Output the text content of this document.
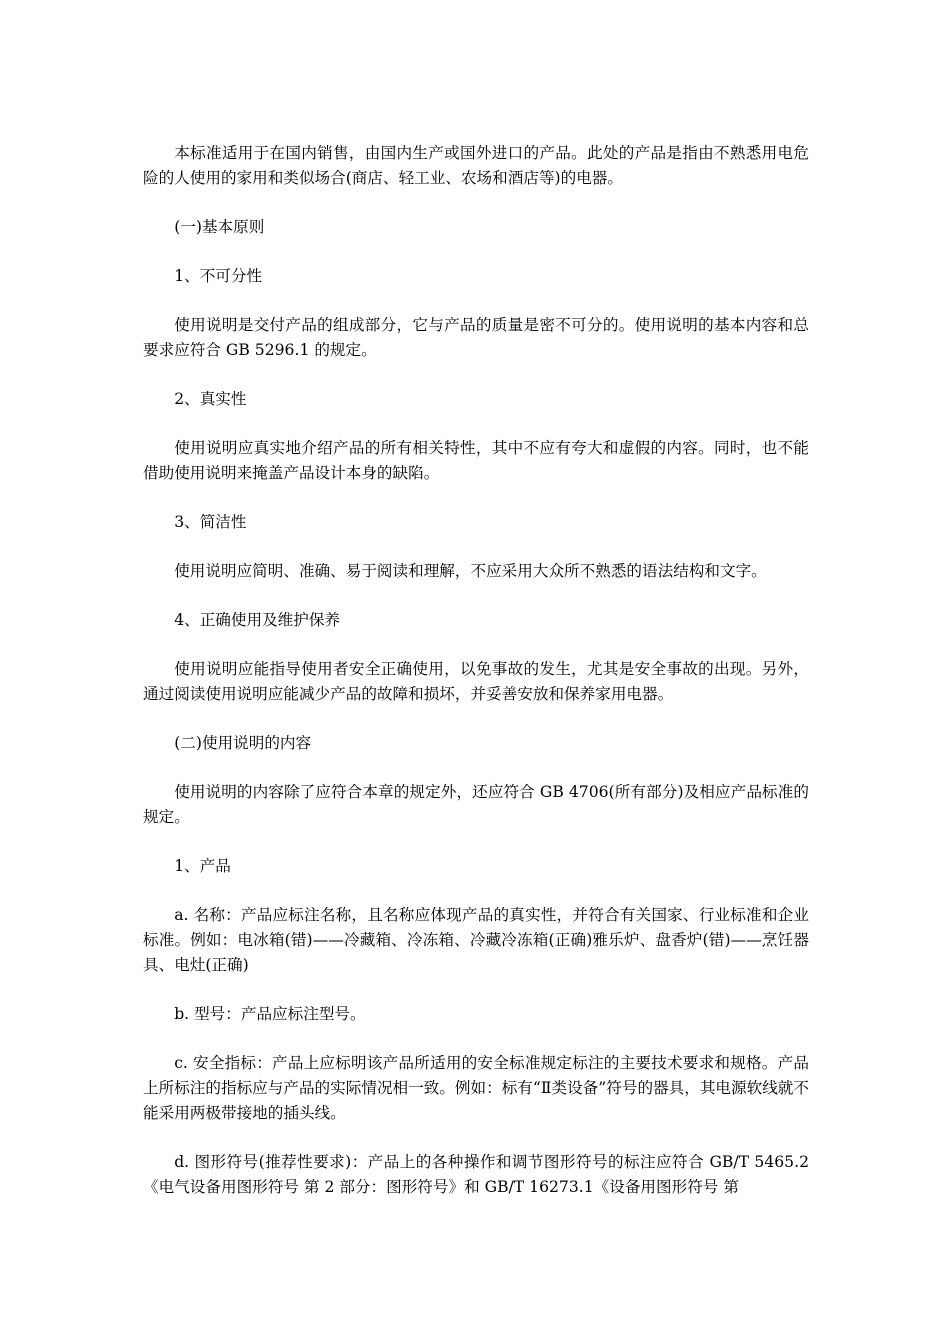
本标准适用于在国内销售，由国内生产或国外进口的产品。此处的产品是指由不熟悉用电危险的人使用的家用和类似场合(商店、轻工业、农场和酒店等)的电器。

(一)基本原则

1、不可分性

使用说明是交付产品的组成部分，它与产品的质量是密不可分的。使用说明的基本内容和总要求应符合 GB 5296.1 的规定。

2、真实性

使用说明应真实地介绍产品的所有相关特性，其中不应有夸大和虚假的内容。同时，也不能借助使用说明来掩盖产品设计本身的缺陷。

3、简洁性

使用说明应简明、准确、易于阅读和理解，不应采用大众所不熟悉的语法结构和文字。

4、正确使用及维护保养

使用说明应能指导使用者安全正确使用，以免事故的发生，尤其是安全事故的出现。另外，通过阅读使用说明应能减少产品的故障和损坏，并妥善安放和保养家用电器。

(二)使用说明的内容

使用说明的内容除了应符合本章的规定外，还应符合 GB 4706(所有部分)及相应产品标准的规定。

1、产品

a. 名称：产品应标注名称，且名称应体现产品的真实性，并符合有关国家、行业标准和企业标准。例如：电冰箱(错)——冷藏箱、冷冻箱、冷藏冷冻箱(正确)雅乐炉、盘香炉(错)——烹饪器具、电灶(正确)

b. 型号：产品应标注型号。

c. 安全指标：产品上应标明该产品所适用的安全标准规定标注的主要技术要求和规格。产品上所标注的指标应与产品的实际情况相一致。例如：标有“Ⅱ类设备”符号的器具，其电源软线就不能采用两极带接地的插头线。

d. 图形符号(推荐性要求)：产品上的各种操作和调节图形符号的标注应符合 GB/T 5465.2《电气设备用图形符号 第 2 部分：图形符号》和 GB/T 16273.1《设备用图形符号 第
